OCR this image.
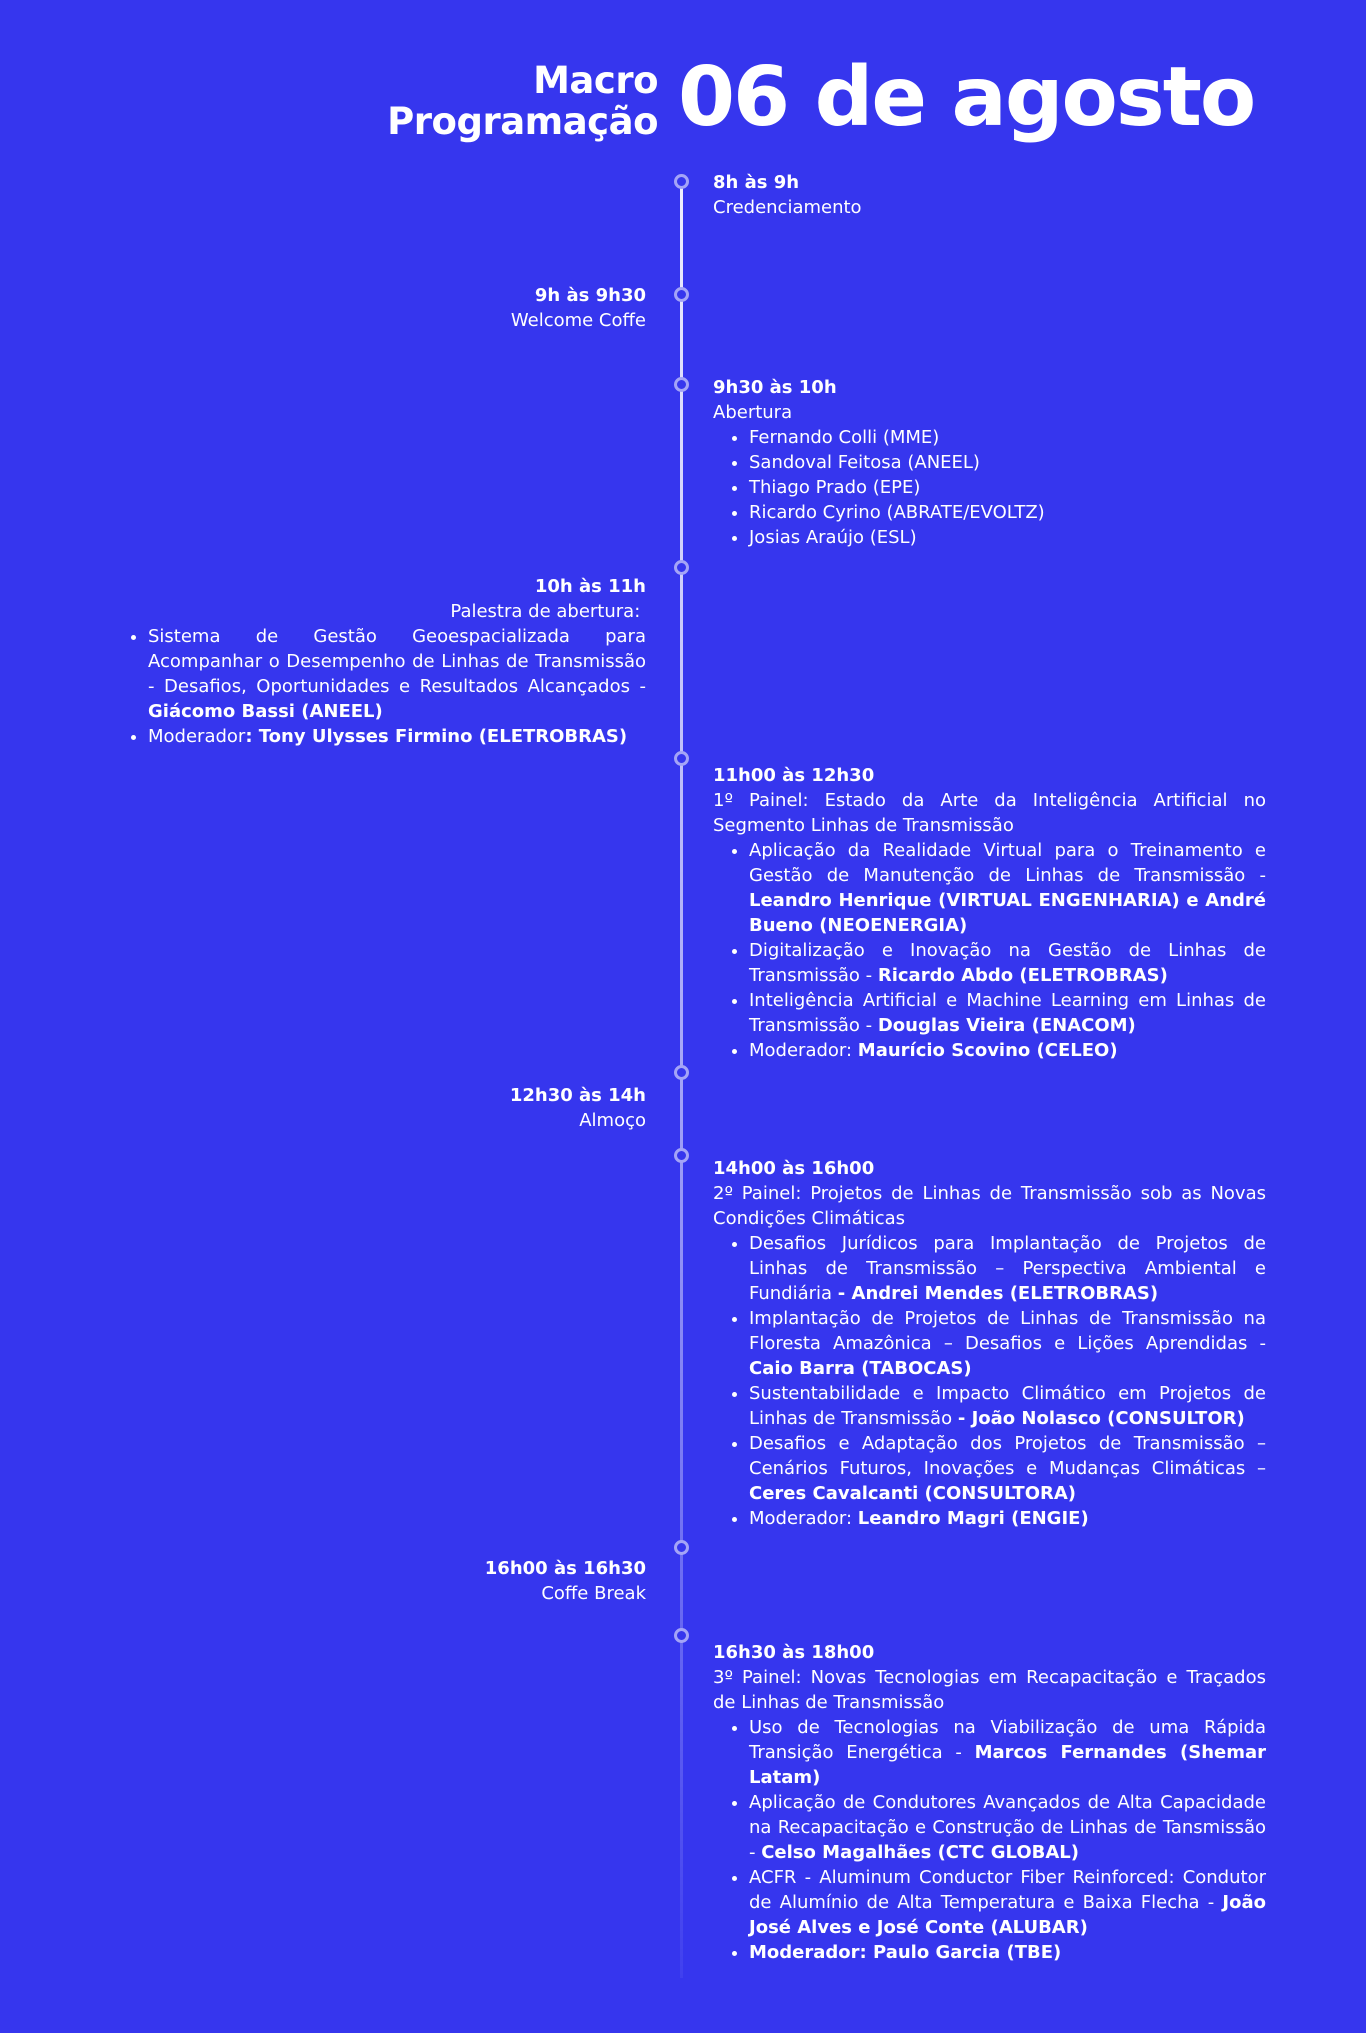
Macro
Programação 06 de agosto
8h às 9h

Credenciamento

9h às 9h30

Welcome Coffe

9h30 às 10h

Abertura

• Fernando Colli (MME)
• Sandoval Feitosa (ANEEL)
• Thiago Prado (EPE)
• Ricardo Cyrino (ABRATE/EVOLTZ)
• Josias Araújo (ESL)
10h às 11h

Palestra de abertura:

• Sistema de Gestão Geoespacializada para Acompanhar o Desempenho de Linhas de Transmissão - Desafios, Oportunidades e Resultados Alcançados - Giácomo Bassi (ANEEL)
• Moderador: Tony Ulysses Firmino (ELETROBRAS)
11h00 às 12h30

1º Painel: Estado da Arte da Inteligência Artificial no Segmento Linhas de Transmissão

• Aplicação da Realidade Virtual para o Treinamento e Gestão de Manutenção de Linhas de Transmissão - Leandro Henrique (VIRTUAL ENGENHARIA) e André Bueno (NEOENERGIA)
• Digitalização e Inovação na Gestão de Linhas de Transmissão - Ricardo Abdo (ELETROBRAS)
• Inteligência Artificial e Machine Learning em Linhas de Transmissão - Douglas Vieira (ENACOM)
• Moderador: Maurício Scovino (CELEO)
12h30 às 14h

Almoço

14h00 às 16h00

2º Painel: Projetos de Linhas de Transmissão sob as Novas Condições Climáticas

• Desafios Jurídicos para Implantação de Projetos de Linhas de Transmissão – Perspectiva Ambiental e Fundiária - Andrei Mendes (ELETROBRAS)
• Implantação de Projetos de Linhas de Transmissão na Floresta Amazônica – Desafios e Lições Aprendidas - Caio Barra (TABOCAS)
• Sustentabilidade e Impacto Climático em Projetos de Linhas de Transmissão - João Nolasco (CONSULTOR)
• Desafios e Adaptação dos Projetos de Transmissão – Cenários Futuros, Inovações e Mudanças Climáticas – Ceres Cavalcanti (CONSULTORA)
• Moderador: Leandro Magri (ENGIE)
16h00 às 16h30

Coffe Break

16h30 às 18h00

3º Painel: Novas Tecnologias em Recapacitação e Traçados de Linhas de Transmissão

• Uso de Tecnologias na Viabilização de uma Rápida Transição Energética - Marcos Fernandes (Shemar Latam)
• Aplicação de Condutores Avançados de Alta Capacidade na Recapacitação e Construção de Linhas de Tansmissão - Celso Magalhães (CTC GLOBAL)
• ACFR - Aluminum Conductor Fiber Reinforced: Condutor de Alumínio de Alta Temperatura e Baixa Flecha - João José Alves e José Conte (ALUBAR)
• Moderador: Paulo Garcia (TBE)
